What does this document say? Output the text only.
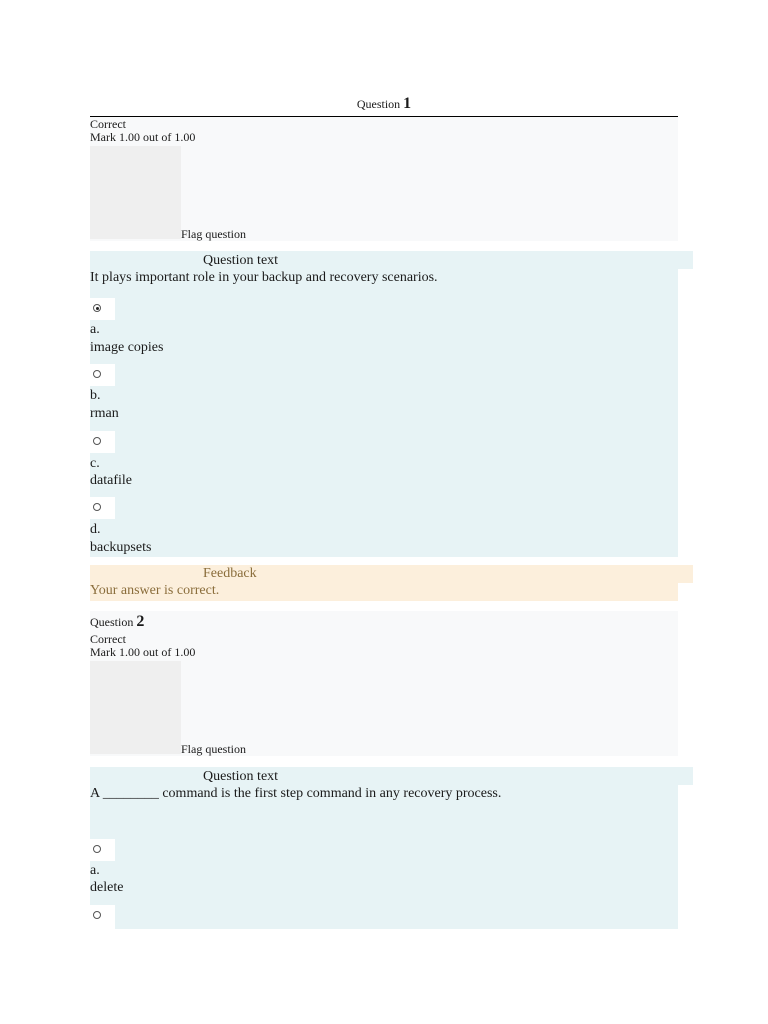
Question 1
Correct
Mark 1.00 out of 1.00
Flag question
Question text
It plays important role in your backup and recovery scenarios.
a.
image copies
b.
rman
c.
datafile
d.
backupsets
Feedback
Your answer is correct.
Question 2
Correct
Mark 1.00 out of 1.00
Flag question
Question text
A ________ command is the first step command in any recovery process.
a.
delete
